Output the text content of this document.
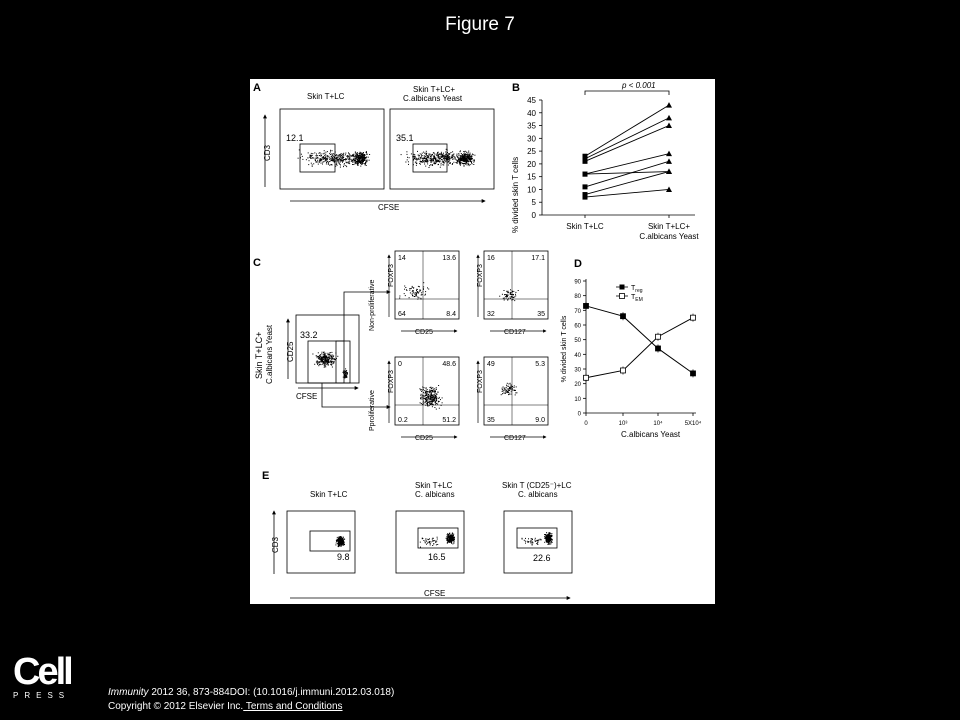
Figure 7
A
Skin T+LC
Skin T+LC+
C.albicans Yeast
12.1	35.1
CD3
CFSE
B
% divided skin T cells 0
5
10
15
20
25
30
35
40
45
p < 0.001
Skin T+LC	Skin T+LC+
C.albicans Yeast
C
Skin T+LC+ C.albicans Yeast CD25
33.2
CFSE
Non-proliferative
Pproliferative
14	13.6
64	8.4
CD25
FOXP3
16	17.1
32	35
CD127
FOXP3
0	48.6
0.2	51.2
CD25
FOXP3
49	5.3
35	9.0
CD127
FOXP3
D
% divided skin T cells
0
10
20
30
40
50
60
70
80
90
0	10³	10⁴	5X10⁴
$T_{reg}$
$T_{EM}$
C.albicans Yeast
E
Skin T+LC
Skin T+LC
C. albicans
Skin T (CD25⁻)+LC
C. albicans
9.8	16.5	22.6
CD3
CFSE
Cell
PRESS	Immunity 2012 36, 873-884DOI: (10.1016/j.immuni.2012.03.018)
Copyright © 2012 Elsevier Inc. Terms and Conditions
